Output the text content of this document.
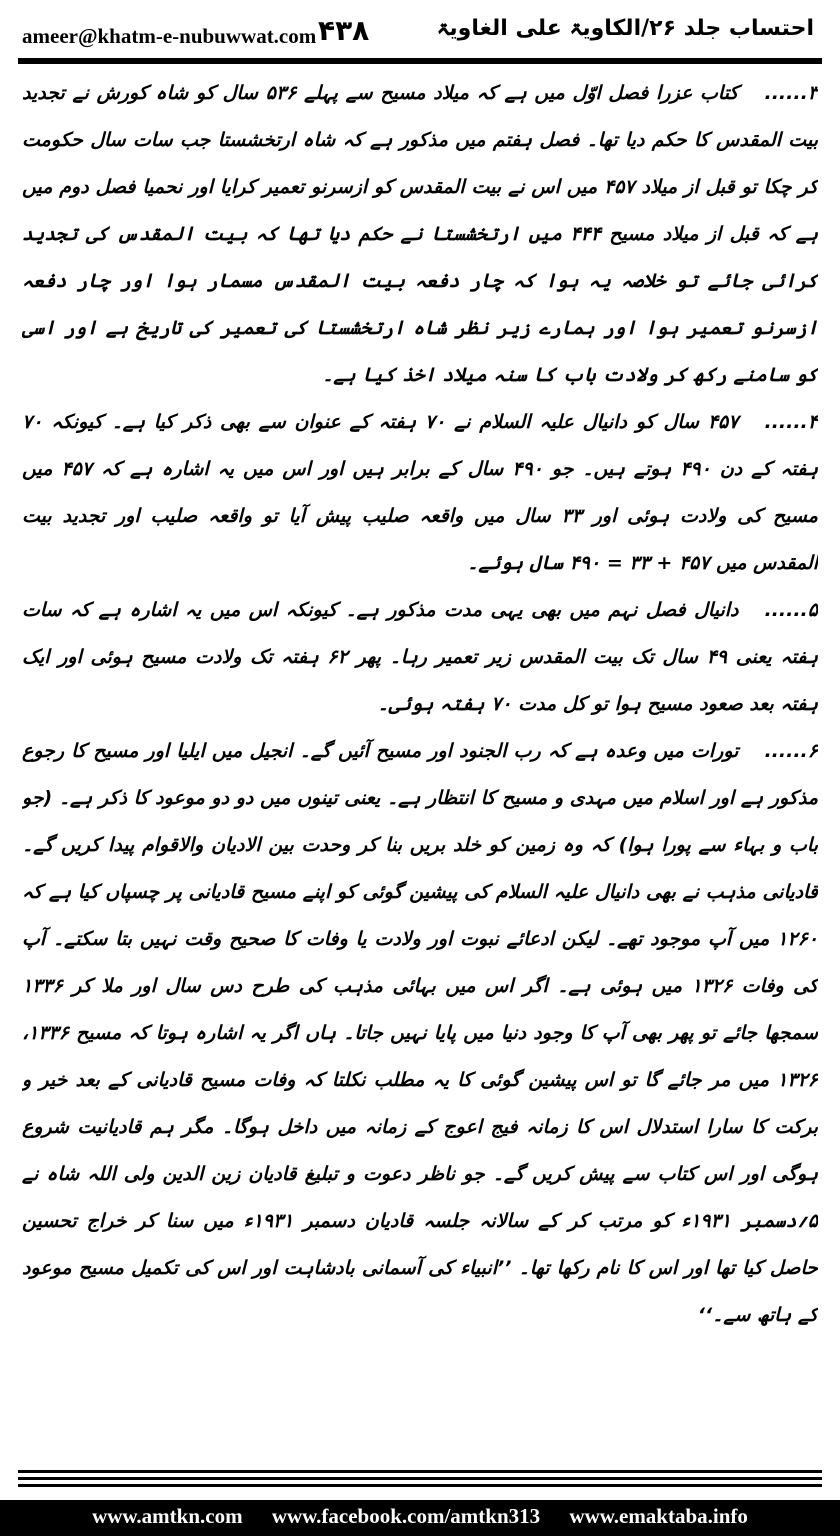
ameer@khatm-e-nubuwwat.com ۴۳۸	احتساب جلد ۲۶/الکاویۃ علی الغاویۃ

۳......کتاب عزرا فصل اوّل میں ہے کہ میلاد مسیح سے پہلے ۵۳۶ سال کو شاہ کورش نے تجدید بیت المقدس کا حکم دیا تھا۔ فصل ہفتم میں مذکور ہے کہ شاہ ارتخشستا جب سات سال حکومت کر چکا تو قبل از میلاد ۴۵۷ میں اس نے بیت المقدس کو ازسرنو تعمیر کرایا اور نحمیا فصل دوم میں ہے کہ قبل از میلاد مسیح ۴۴۴ میں ارتخشستا نے حکم دیا تھا کہ بیت المقدس کی تجدید کرائی جائے تو خلاصہ یہ ہوا کہ چار دفعہ بیت المقدس مسمار ہوا اور چار دفعہ ازسرنو تعمیر ہوا اور ہمارے زیر نظر شاہ ارتخشستا کی تعمیر کی تاریخ ہے اور اسی کو سامنے رکھ کر ولادت باب کا سنہ میلاد اخذ کیا ہے۔

۴......۴۵۷ سال کو دانیال علیہ السلام نے ۷۰ ہفتہ کے عنوان سے بھی ذکر کیا ہے۔ کیونکہ ۷۰ ہفتہ کے دن ۴۹۰ ہوتے ہیں۔ جو ۴۹۰ سال کے برابر ہیں اور اس میں یہ اشارہ ہے کہ ۴۵۷ میں مسیح کی ولادت ہوئی اور ۳۳ سال میں واقعہ صلیب پیش آیا تو واقعہ صلیب اور تجدید بیت المقدس میں ۴۵۷ + ۳۳ = ۴۹۰ سال ہوئے۔

۵......دانیال فصل نہم میں بھی یہی مدت مذکور ہے۔ کیونکہ اس میں یہ اشارہ ہے کہ سات ہفتہ یعنی ۴۹ سال تک بیت المقدس زیر تعمیر رہا۔ پھر ۶۲ ہفتہ تک ولادت مسیح ہوئی اور ایک ہفتہ بعد صعود مسیح ہوا تو کل مدت ۷۰ ہفتہ ہوئی۔

۶......تورات میں وعدہ ہے کہ رب الجنود اور مسیح آئیں گے۔ انجیل میں ایلیا اور مسیح کا رجوع مذکور ہے اور اسلام میں مہدی و مسیح کا انتظار ہے۔ یعنی تینوں میں دو دو موعود کا ذکر ہے۔ (جو باب و بہاء سے پورا ہوا) کہ وہ زمین کو خلد بریں بنا کر وحدت بین الادیان والاقوام پیدا کریں گے۔ قادیانی مذہب نے بھی دانیال علیہ السلام کی پیشین گوئی کو اپنے مسیح قادیانی پر چسپاں کیا ہے کہ ۱۲۶۰ میں آپ موجود تھے۔ لیکن ادعائے نبوت اور ولادت یا وفات کا صحیح وقت نہیں بتا سکتے۔ آپ کی وفات ۱۳۲۶ میں ہوئی ہے۔ اگر اس میں بہائی مذہب کی طرح دس سال اور ملا کر ۱۳۳۶ سمجھا جائے تو پھر بھی آپ کا وجود دنیا میں پایا نہیں جاتا۔ ہاں اگر یہ اشارہ ہوتا کہ مسیح ۱۳۳۶، ۱۳۲۶ میں مر جائے گا تو اس پیشین گوئی کا یہ مطلب نکلتا کہ وفات مسیح قادیانی کے بعد خیر و برکت کا سارا استدلال اس کا زمانہ فیج اعوج کے زمانہ میں داخل ہوگا۔ مگر ہم قادیانیت شروع ہوگی اور اس کتاب سے پیش کریں گے۔ جو ناظر دعوت و تبلیغ قادیان زین الدین ولی اللہ شاہ نے ۵؍دسمبر ۱۹۳۱ء کو مرتب کر کے سالانہ جلسہ قادیان دسمبر ۱۹۳۱ء میں سنا کر خراج تحسین حاصل کیا تھا اور اس کا نام رکھا تھا۔ ’’انبیاء کی آسمانی بادشاہت اور اس کی تکمیل مسیح موعود کے ہاتھ سے۔‘‘

www.amtkn.com www.facebook.com/amtkn313 www.emaktaba.info
